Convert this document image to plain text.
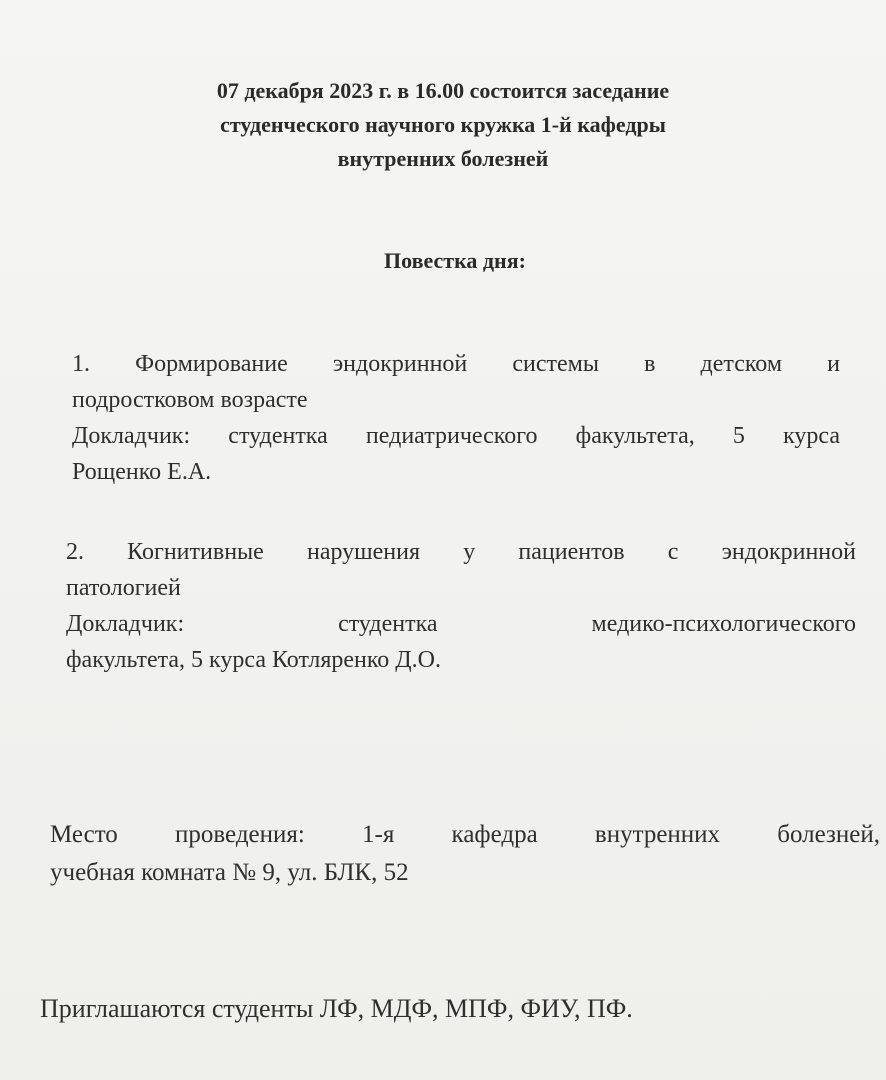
07 декабря 2023 г. в 16.00 состоится заседание
студенческого научного кружка 1-й кафедры
внутренних болезней
Повестка дня:
1. Формирование эндокринной системы в детском и
подростковом возрасте
Докладчик: студентка педиатрического факультета, 5 курса
Рощенко Е.А.
2. Когнитивные нарушения у пациентов с эндокринной
патологией
Докладчик: студентка медико-психологического
факультета, 5 курса Котляренко Д.О.
Место проведения: 1-я кафедра внутренних болезней,
учебная комната № 9, ул. БЛК, 52
Приглашаются студенты ЛФ, МДФ, МПФ, ФИУ, ПФ.
